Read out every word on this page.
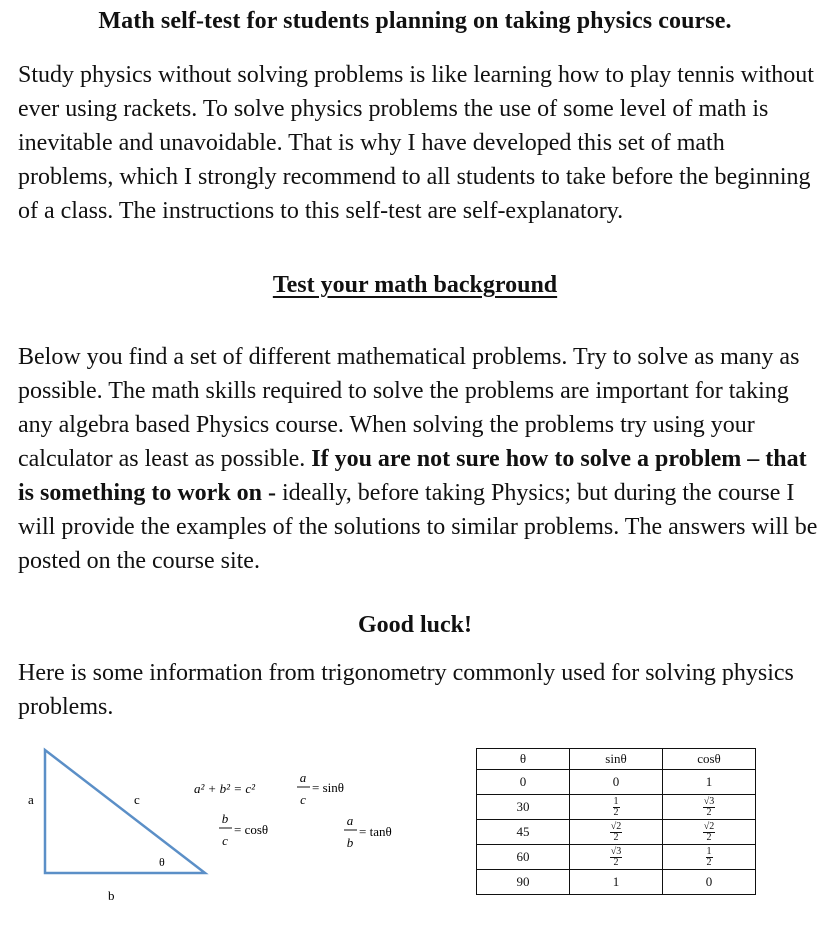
Math self-test for students planning on taking physics course.

Study physics without solving problems is like learning how to play tennis without ever using rackets. To solve physics problems the use of some level of math is inevitable and unavoidable. That is why I have developed this set of math problems, which I strongly recommend to all students to take before the beginning of a class. The instructions to this self-test are self-explanatory.

Test your math background

Below you find a set of different mathematical problems. Try to solve as many as possible. The math skills required to solve the problems are important for taking any algebra based Physics course. When solving the problems try using your calculator as least as possible. If you are not sure how to solve a problem – that is something to work on - ideally, before taking Physics; but during the course I will provide the examples of the solutions to similar problems. The answers will be posted on the course site.

Good luck!

Here is some information from trigonometry commonly used for solving physics problems.

a	c
b
θ
a² + b² = c²
a
c
= sinθ
b
c
= cosθ
a
b
= tanθ
θ	sinθ	cosθ
0	0	1
30	$\frac{1}{2}$	$\frac{√3}{2}$

45	$\frac{√2}{2}$	$\frac{√2}{2}$

60	$\frac{√3}{2}$	$\frac{1}{2}$

90	1	0
